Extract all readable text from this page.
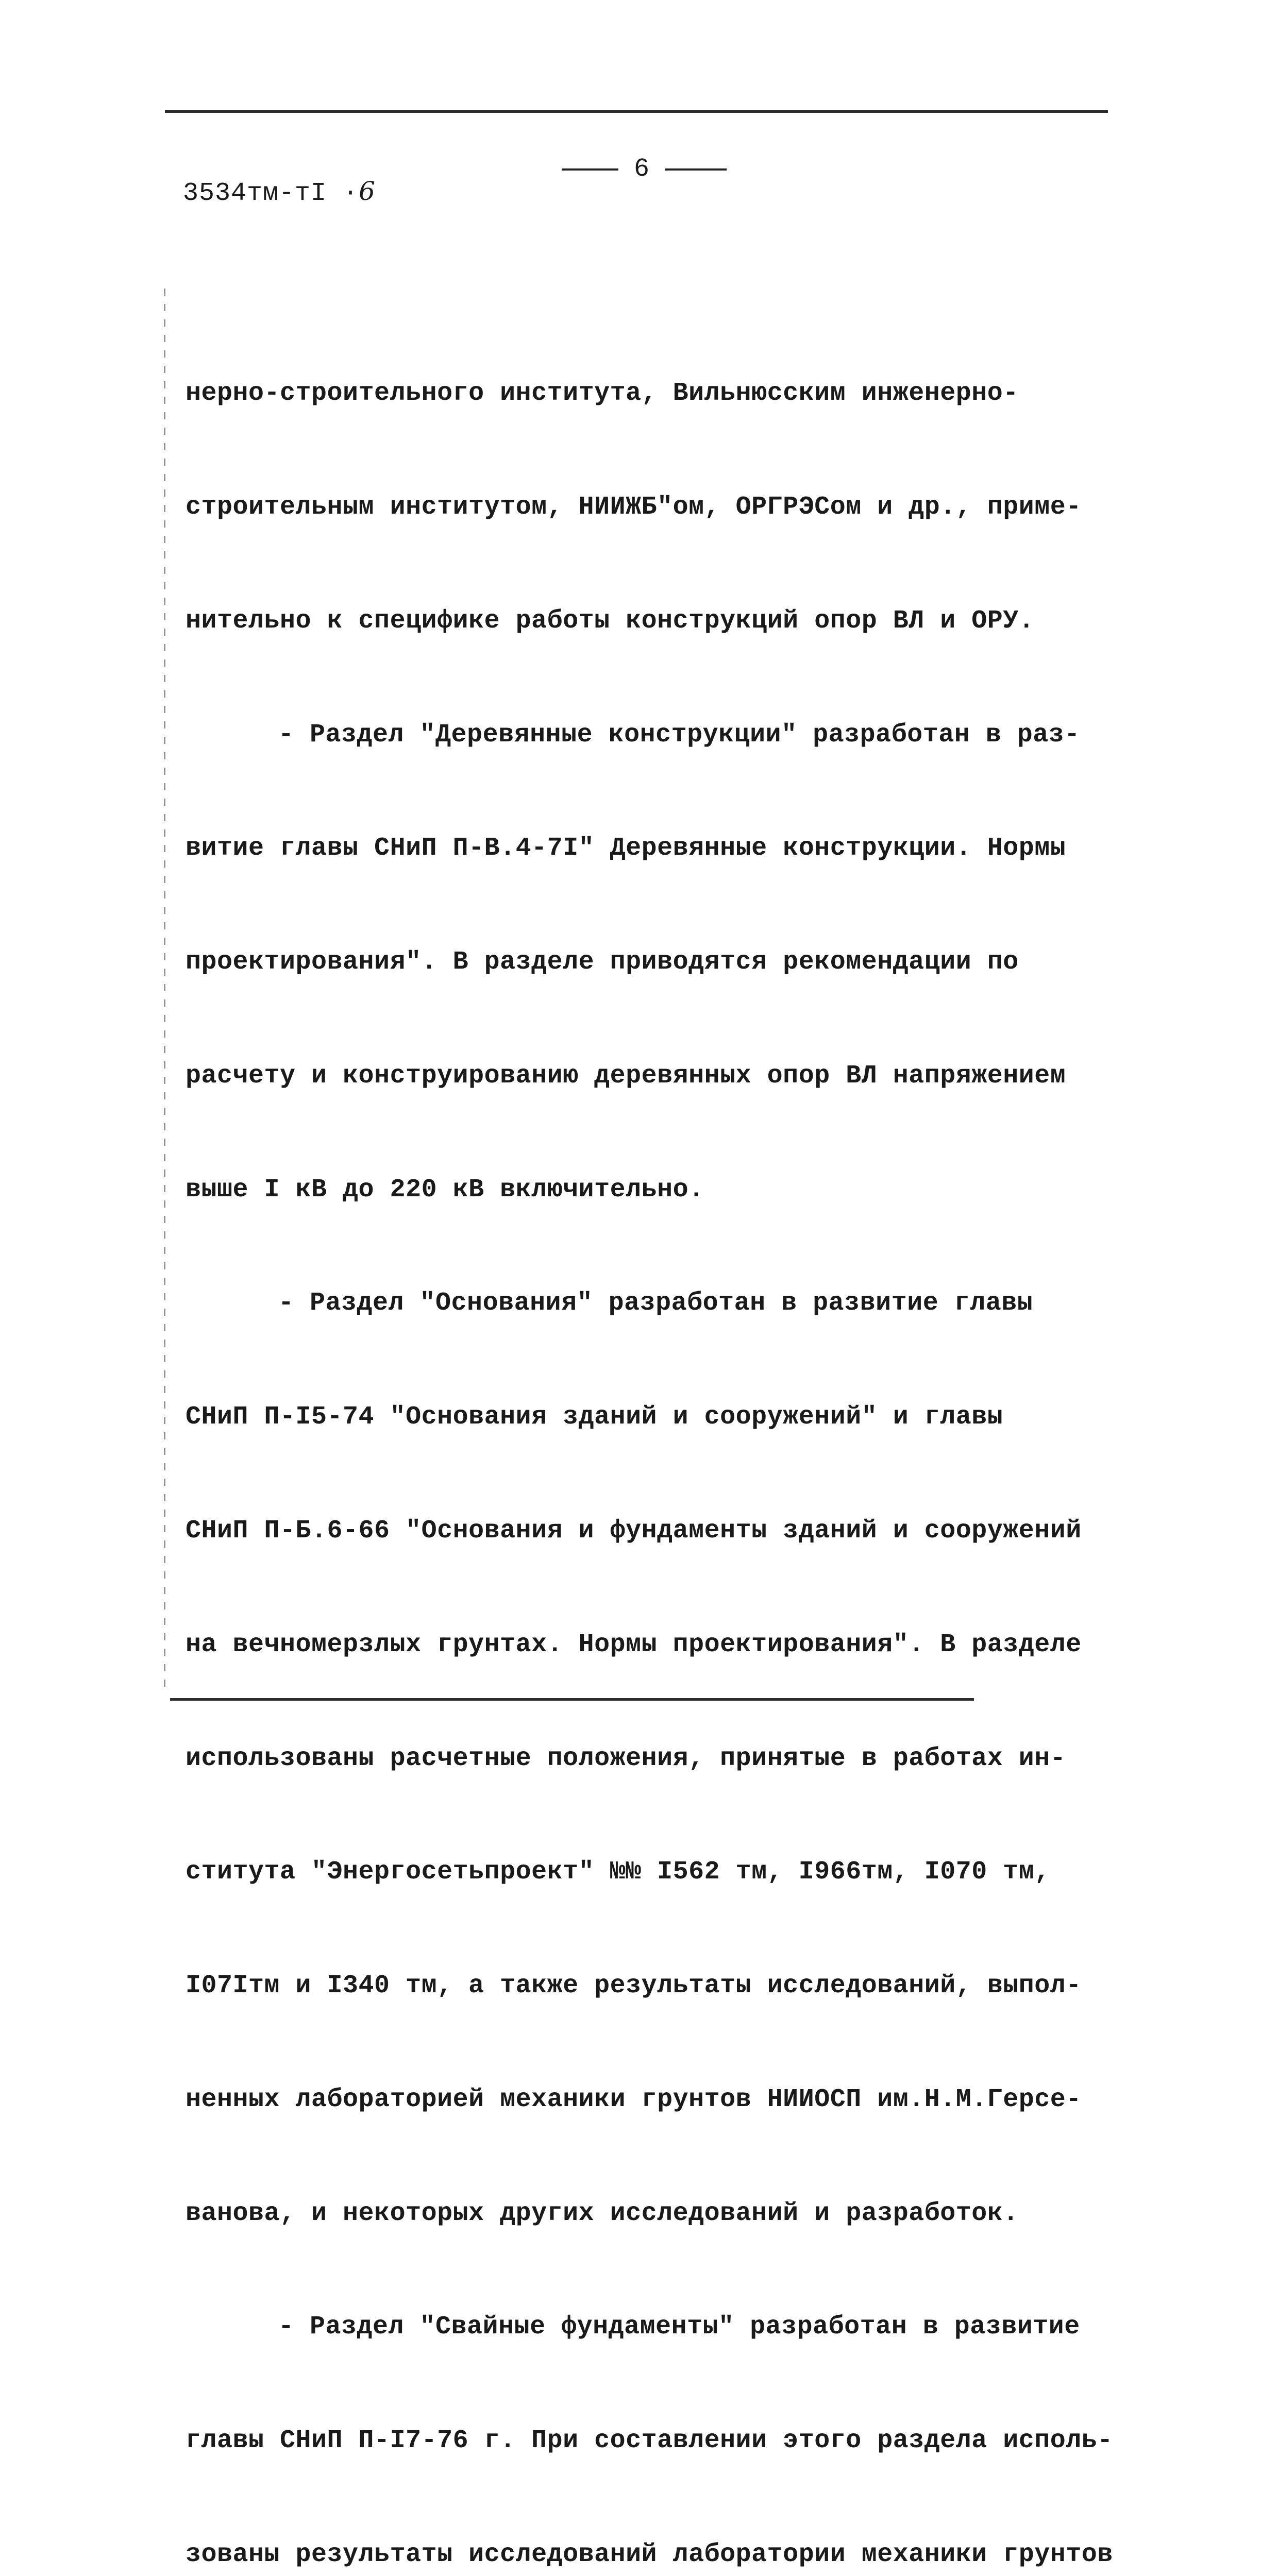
6
3534тм-тI ·6

нерно-строительного института, Вильнюсским инженерно-

строительным институтом, НИИЖБ"ом, ОРГРЭСом и др., приме-

нительно к специфике работы конструкций опор ВЛ и ОРУ.

- Раздел "Деревянные конструкции" разработан в раз-

витие главы СНиП П-В.4-7I" Деревянные конструкции. Нормы

проектирования". В разделе приводятся рекомендации по

расчету и конструированию деревянных опор ВЛ напряжением

выше I кВ до 220 кВ включительно.

- Раздел "Основания" разработан в развитие главы

СНиП П-I5-74 "Основания зданий и сооружений" и главы

СНиП П-Б.6-66 "Основания и фундаменты зданий и сооружений

на вечномерзлых грунтах. Нормы проектирования". В разделе

использованы расчетные положения, принятые в работах ин-

ститута "Энергосетьпроект" №№ I562 тм, I966тм, I070 тм,

I07Iтм и I340 тм, а также результаты исследований, выпол-

ненных лабораторией механики грунтов НИИОСП им.Н.М.Герсе-

ванова, и некоторых других исследований и разработок.

- Раздел "Свайные фундаменты" разработан в развитие

главы СНиП П-I7-76 г. При составлении этого раздела исполь-

зованы результаты исследований лаборатории механики грунтов
